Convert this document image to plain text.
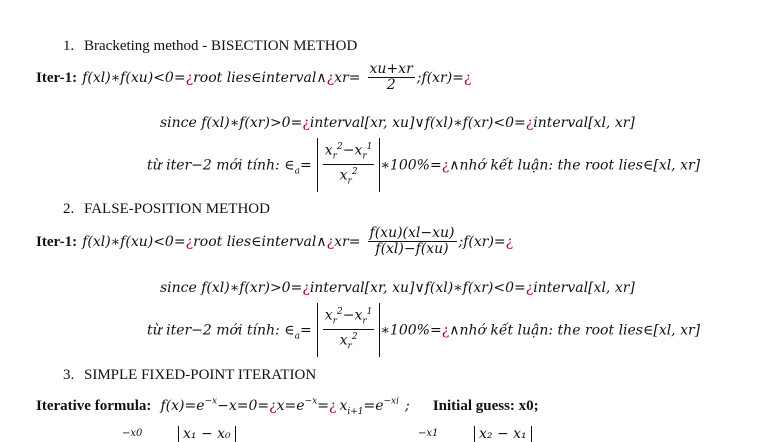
1. Bracketing method - BISECTION METHOD
Iter-1: f(xl)∗f(xu)<0=¿root lies∈interval∧¿xr= $\frac{xu+xr}{2}$ ;f(xr)=¿
since f(xl)∗f(xr)>0=¿interval[xr, xu]∨f(xl)∗f(xr)<0=¿interval[xl, xr]
từ iter−2 mới tính: $\in_a= \frac{x_r^2-x_r^1}{x_r^2}$ ∗100%=¿∧nhớ kết luận: the root lies∈[xl, xr]
2. FALSE-POSITION METHOD
Iter-1: f(xl)∗f(xu)<0=¿root lies∈interval∧¿xr= $\frac{f(xu)(xl-xu)}{f(xl)-f(xu)}$ ;f(xr)=¿
since f(xl)∗f(xr)>0=¿interval[xr, xu]∨f(xl)∗f(xr)<0=¿interval[xl, xr]
từ iter−2 mới tính: $\in_a= \frac{x_r^2-x_r^1}{x_r^2}$ ∗100%=¿∧nhớ kết luận: the root lies∈[xl, xr]
3. SIMPLE FIXED-POINT ITERATION
Iterative formula: $f(x)=e^{-x}-x=0=¿x=e^{-x}=¿$ $x_{i+1}=e^{-xi}$ ; Initial guess: x0;
−x0	x₁ − x₀	−x1	x₂ − x₁
